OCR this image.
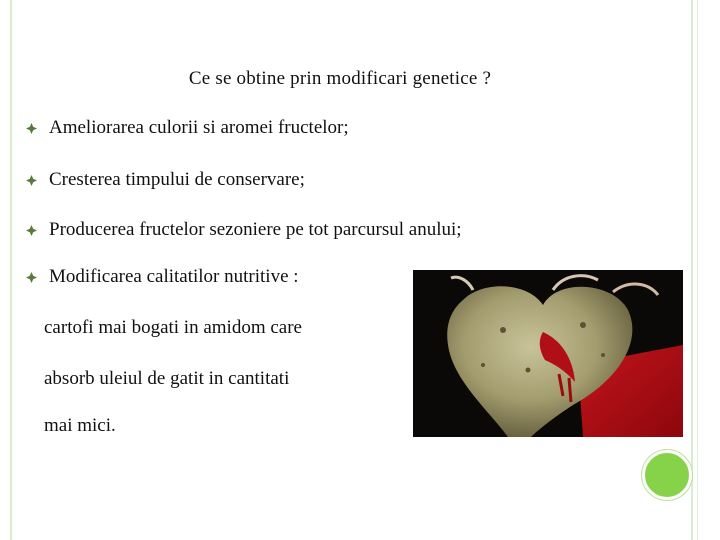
Ce se obtine prin modificari genetice ?
Ameliorarea culorii si aromei fructelor;
Cresterea timpului de conservare;
Producerea fructelor sezoniere pe tot parcursul anului;
Modificarea calitatilor nutritive :
cartofi mai bogati in amidom care
absorb uleiul de gatit in cantitati
mai mici.
